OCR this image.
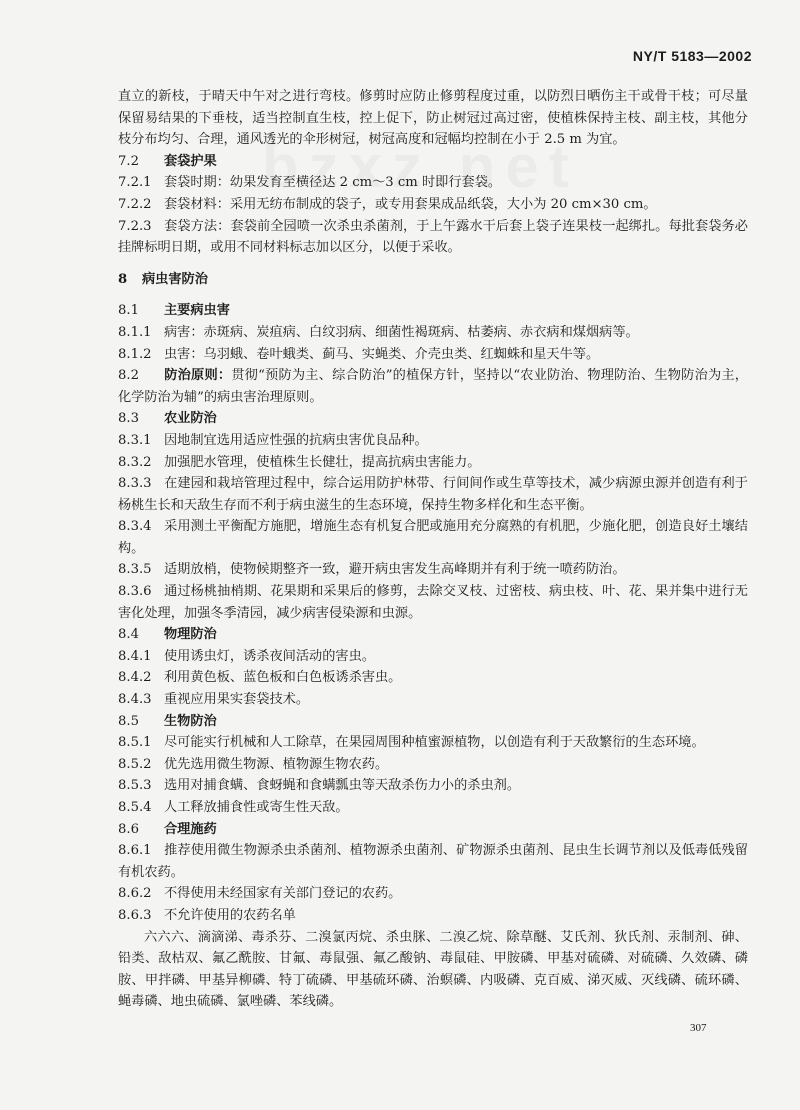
NY/T 5183—2002

直立的新枝，于晴天中午对之进行弯枝。修剪时应防止修剪程度过重，以防烈日晒伤主干或骨干枝；可尽量保留易结果的下垂枝，适当控制直生枝，控上促下，防止树冠过高过密，使植株保持主枝、副主枝，其他分枝分布均匀、合理，通风透光的伞形树冠，树冠高度和冠幅均控制在小于 2.5 m 为宜。

7.2 套袋护果

7.2.1 套袋时期：幼果发育至横径达 2 cm～3 cm 时即行套袋。

7.2.2 套袋材料：采用无纺布制成的袋子，或专用套果成品纸袋，大小为 20 cm×30 cm。

7.2.3 套袋方法：套袋前全园喷一次杀虫杀菌剂，于上午露水干后套上袋子连果枝一起绑扎。每批套袋务必挂牌标明日期，或用不同材料标志加以区分，以便于采收。

8 病虫害防治
8.1 主要病虫害

8.1.1 病害：赤斑病、炭疽病、白纹羽病、细菌性褐斑病、枯萎病、赤衣病和煤烟病等。

8.1.2 虫害：乌羽蛾、卷叶蛾类、蓟马、实蝇类、介壳虫类、红蜘蛛和星天牛等。

8.2 防治原则：贯彻“预防为主、综合防治”的植保方针，坚持以“农业防治、物理防治、生物防治为主，化学防治为辅”的病虫害治理原则。

8.3 农业防治

8.3.1 因地制宜选用适应性强的抗病虫害优良品种。

8.3.2 加强肥水管理，使植株生长健壮，提高抗病虫害能力。

8.3.3 在建园和栽培管理过程中，综合运用防护林带、行间间作或生草等技术，减少病源虫源并创造有利于杨桃生长和天敌生存而不利于病虫滋生的生态环境，保持生物多样化和生态平衡。

8.3.4 采用测土平衡配方施肥，增施生态有机复合肥或施用充分腐熟的有机肥，少施化肥，创造良好土壤结构。

8.3.5 适期放梢，使物候期整齐一致，避开病虫害发生高峰期并有利于统一喷药防治。

8.3.6 通过杨桃抽梢期、花果期和采果后的修剪，去除交叉枝、过密枝、病虫枝、叶、花、果并集中进行无害化处理，加强冬季清园，减少病害侵染源和虫源。

8.4 物理防治

8.4.1 使用诱虫灯，诱杀夜间活动的害虫。

8.4.2 利用黄色板、蓝色板和白色板诱杀害虫。

8.4.3 重视应用果实套袋技术。

8.5 生物防治

8.5.1 尽可能实行机械和人工除草，在果园周围种植蜜源植物，以创造有利于天敌繁衍的生态环境。

8.5.2 优先选用微生物源、植物源生物农药。

8.5.3 选用对捕食螨、食蚜蝇和食螨瓢虫等天敌杀伤力小的杀虫剂。

8.5.4 人工释放捕食性或寄生性天敌。

8.6 合理施药

8.6.1 推荐使用微生物源杀虫杀菌剂、植物源杀虫菌剂、矿物源杀虫菌剂、昆虫生长调节剂以及低毒低残留有机农药。

8.6.2 不得使用未经国家有关部门登记的农药。

8.6.3 不允许使用的农药名单

六六六、滴滴涕、毒杀芬、二溴氯丙烷、杀虫脒、二溴乙烷、除草醚、艾氏剂、狄氏剂、汞制剂、砷、铅类、敌枯双、氟乙酰胺、甘氟、毒鼠强、氟乙酸钠、毒鼠硅、甲胺磷、甲基对硫磷、对硫磷、久效磷、磷胺、甲拌磷、甲基异柳磷、特丁硫磷、甲基硫环磷、治螟磷、内吸磷、克百威、涕灭威、灭线磷、硫环磷、蝇毒磷、地虫硫磷、氯唑磷、苯线磷。

307
